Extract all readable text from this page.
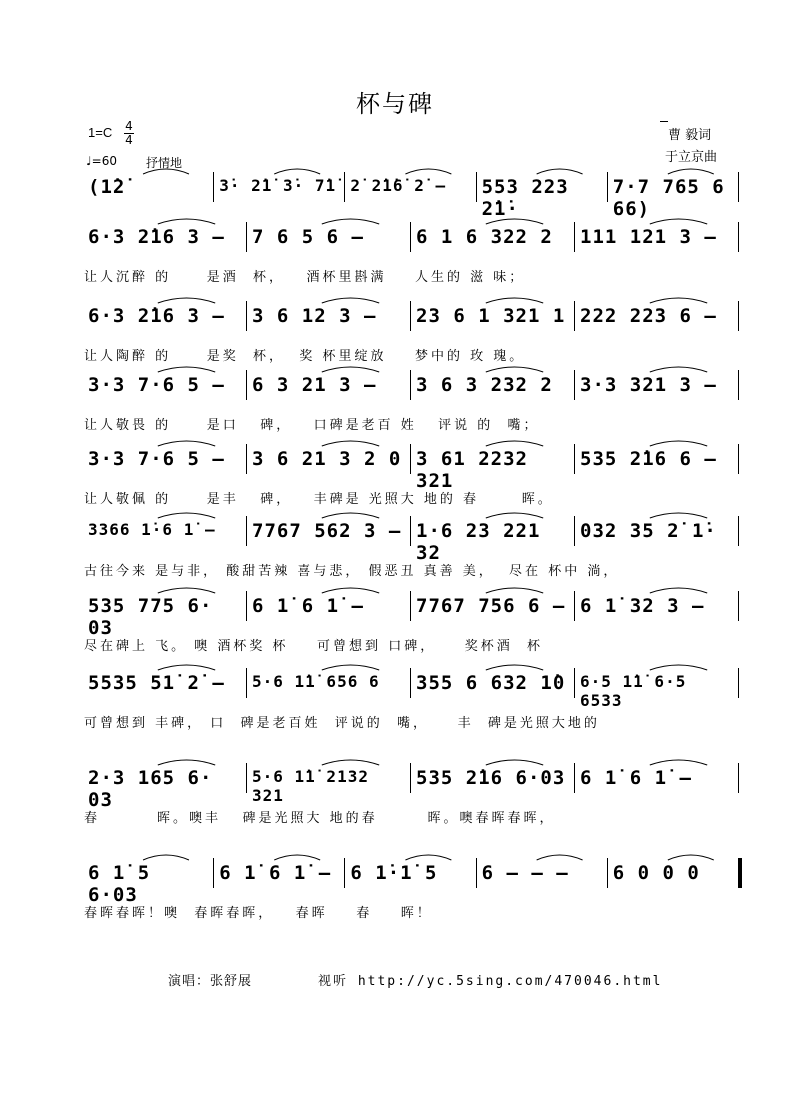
杯与碑
1=C 4
4
♩=60 抒情地
曹 毅词
于立京曲
(1̇2̇	3̇· 2̇1̇ 3̇· 7̇1̇ 2̇ 2̇1̇6̇ 2̇ –	553 223 2̇1̇·
7·7 765 6 66)
6·3 2̇16 3 –	7 6 5 6 –	6 1 6 322 2	111 121 3 –
让人沉醉 的     是酒  杯，   酒杯里斟满    人生的 滋 味；
6·3 2̇16 3 –	3 6 12 3 –	23 6 1 321 1 222 223 6 –
让人陶醉 的     是奖  杯，  奖 杯里绽放    梦中的 玫 瑰。
3·3 7·6 5 –	6 3 21 3 –	3 6 3 232 2	3·3 321 3 –
让人敬畏 的     是口   碑，   口碑是老百 姓   评说 的  嘴；
3·3 7·6 5 –	3 6 21 3 2 0 3 61 2232 321
535 2̇16 6 –
让人敬佩 的     是丰   碑，   丰碑是 光照大 地的 春      晖。
3366 1̇·6 1̇ –	7767 562 3 – 1·6 23 221 32
032 35 2̇ 1̇·
古往今来 是与非， 酸甜苦辣 喜与悲， 假恶丑 真善 美，  尽在 杯中 淌，
535 775 6· 03
6 1̇ 6 1̇ –	7767 756 6 – 6 1̇ 32 3 –
尽在碑上 飞。 噢 酒杯奖 杯    可曾想到 口碑，    奖杯酒  杯
5535 51̇ 2̇ –	5·6 1̇1̇ 656 6	355 6 632 1̇0 6·5 1̇1̇ 6·5 6533
可曾想到 丰碑， 口  碑是老百姓  评说的  嘴，    丰  碑是光照大地的
2·3 165 6· 03
5·6 1̇1̇ 2132 321
535 2̇16 6·03 6 1̇ 6 1̇ –
春        晖。噢丰   碑是光照大 地的春       晖。噢春晖春晖，
6 1̇ 5 6·03
6 1̇ 6 1̇ –	6 1̇·1̇ 5	6 – – –	6 0 0 0
春晖春晖！噢  春晖春晖，   春晖    春    晖！
演唱：张舒展	视听 http://yc.5sing.com/470046.html
